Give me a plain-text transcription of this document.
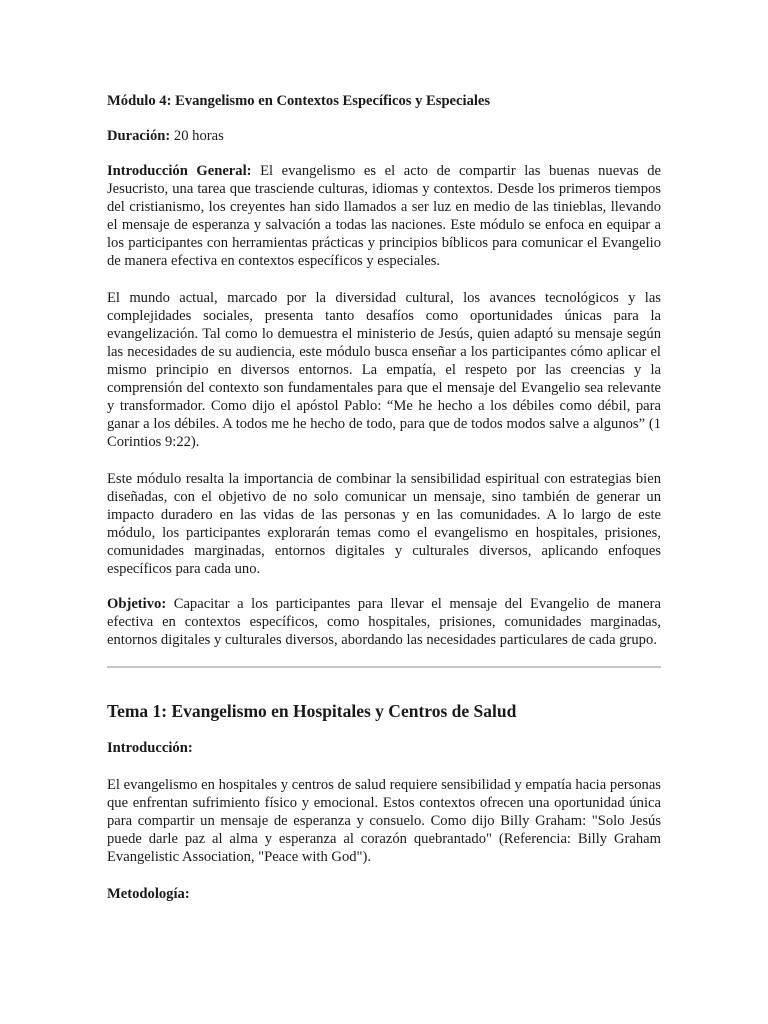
Módulo 4: Evangelismo en Contextos Específicos y Especiales

Duración: 20 horas

Introducción General: El evangelismo es el acto de compartir las buenas nuevas de Jesucristo, una tarea que trasciende culturas, idiomas y contextos. Desde los primeros tiempos del cristianismo, los creyentes han sido llamados a ser luz en medio de las tinieblas, llevando el mensaje de esperanza y salvación a todas las naciones. Este módulo se enfoca en equipar a los participantes con herramientas prácticas y principios bíblicos para comunicar el Evangelio de manera efectiva en contextos específicos y especiales.

El mundo actual, marcado por la diversidad cultural, los avances tecnológicos y las complejidades sociales, presenta tanto desafíos como oportunidades únicas para la evangelización. Tal como lo demuestra el ministerio de Jesús, quien adaptó su mensaje según las necesidades de su audiencia, este módulo busca enseñar a los participantes cómo aplicar el mismo principio en diversos entornos. La empatía, el respeto por las creencias y la comprensión del contexto son fundamentales para que el mensaje del Evangelio sea relevante y transformador. Como dijo el apóstol Pablo: “Me he hecho a los débiles como débil, para ganar a los débiles. A todos me he hecho de todo, para que de todos modos salve a algunos” (1 Corintios 9:22).

Este módulo resalta la importancia de combinar la sensibilidad espiritual con estrategias bien diseñadas, con el objetivo de no solo comunicar un mensaje, sino también de generar un impacto duradero en las vidas de las personas y en las comunidades. A lo largo de este módulo, los participantes explorarán temas como el evangelismo en hospitales, prisiones, comunidades marginadas, entornos digitales y culturales diversos, aplicando enfoques específicos para cada uno.

Objetivo: Capacitar a los participantes para llevar el mensaje del Evangelio de manera efectiva en contextos específicos, como hospitales, prisiones, comunidades marginadas, entornos digitales y culturales diversos, abordando las necesidades particulares de cada grupo.

Tema 1: Evangelismo en Hospitales y Centros de Salud

Introducción:

El evangelismo en hospitales y centros de salud requiere sensibilidad y empatía hacia personas que enfrentan sufrimiento físico y emocional. Estos contextos ofrecen una oportunidad única para compartir un mensaje de esperanza y consuelo. Como dijo Billy Graham: "Solo Jesús puede darle paz al alma y esperanza al corazón quebrantado" (Referencia: Billy Graham Evangelistic Association, "Peace with God").

Metodología:
